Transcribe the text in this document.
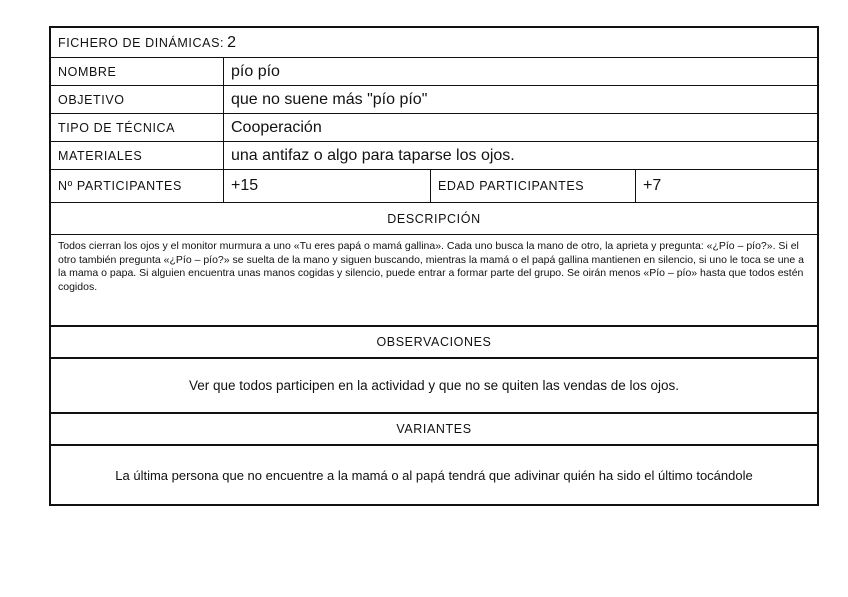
FICHERO DE DINÁMICAS: 2
NOMBRE	pío pío
OBJETIVO	que no suene más "pío pío"
TIPO DE TÉCNICA	Cooperación
MATERIALES	una antifaz o algo para taparse los ojos.
Nº PARTICIPANTES	+15	EDAD PARTICIPANTES	+7
DESCRIPCIÓN
Todos cierran los ojos y el monitor murmura a uno «Tu eres papá o mamá gallina». Cada uno busca la mano de otro, la aprieta y pregunta: «¿Pío – pío?». Si el otro también pregunta «¿Pío – pío?» se suelta de la mano y siguen buscando, mientras la mamá o el papá gallina mantienen en silencio, si uno le toca se une a la mama o papa. Si alguien encuentra unas manos cogidas y silencio, puede entrar a formar parte del grupo. Se oirán menos «Pío – pío» hasta que todos estén cogidos.
OBSERVACIONES
Ver que todos participen en la actividad y que no se quiten las vendas de los ojos.
VARIANTES
La última persona que no encuentre a la mamá o al papá tendrá que adivinar quién ha sido el último tocándole
